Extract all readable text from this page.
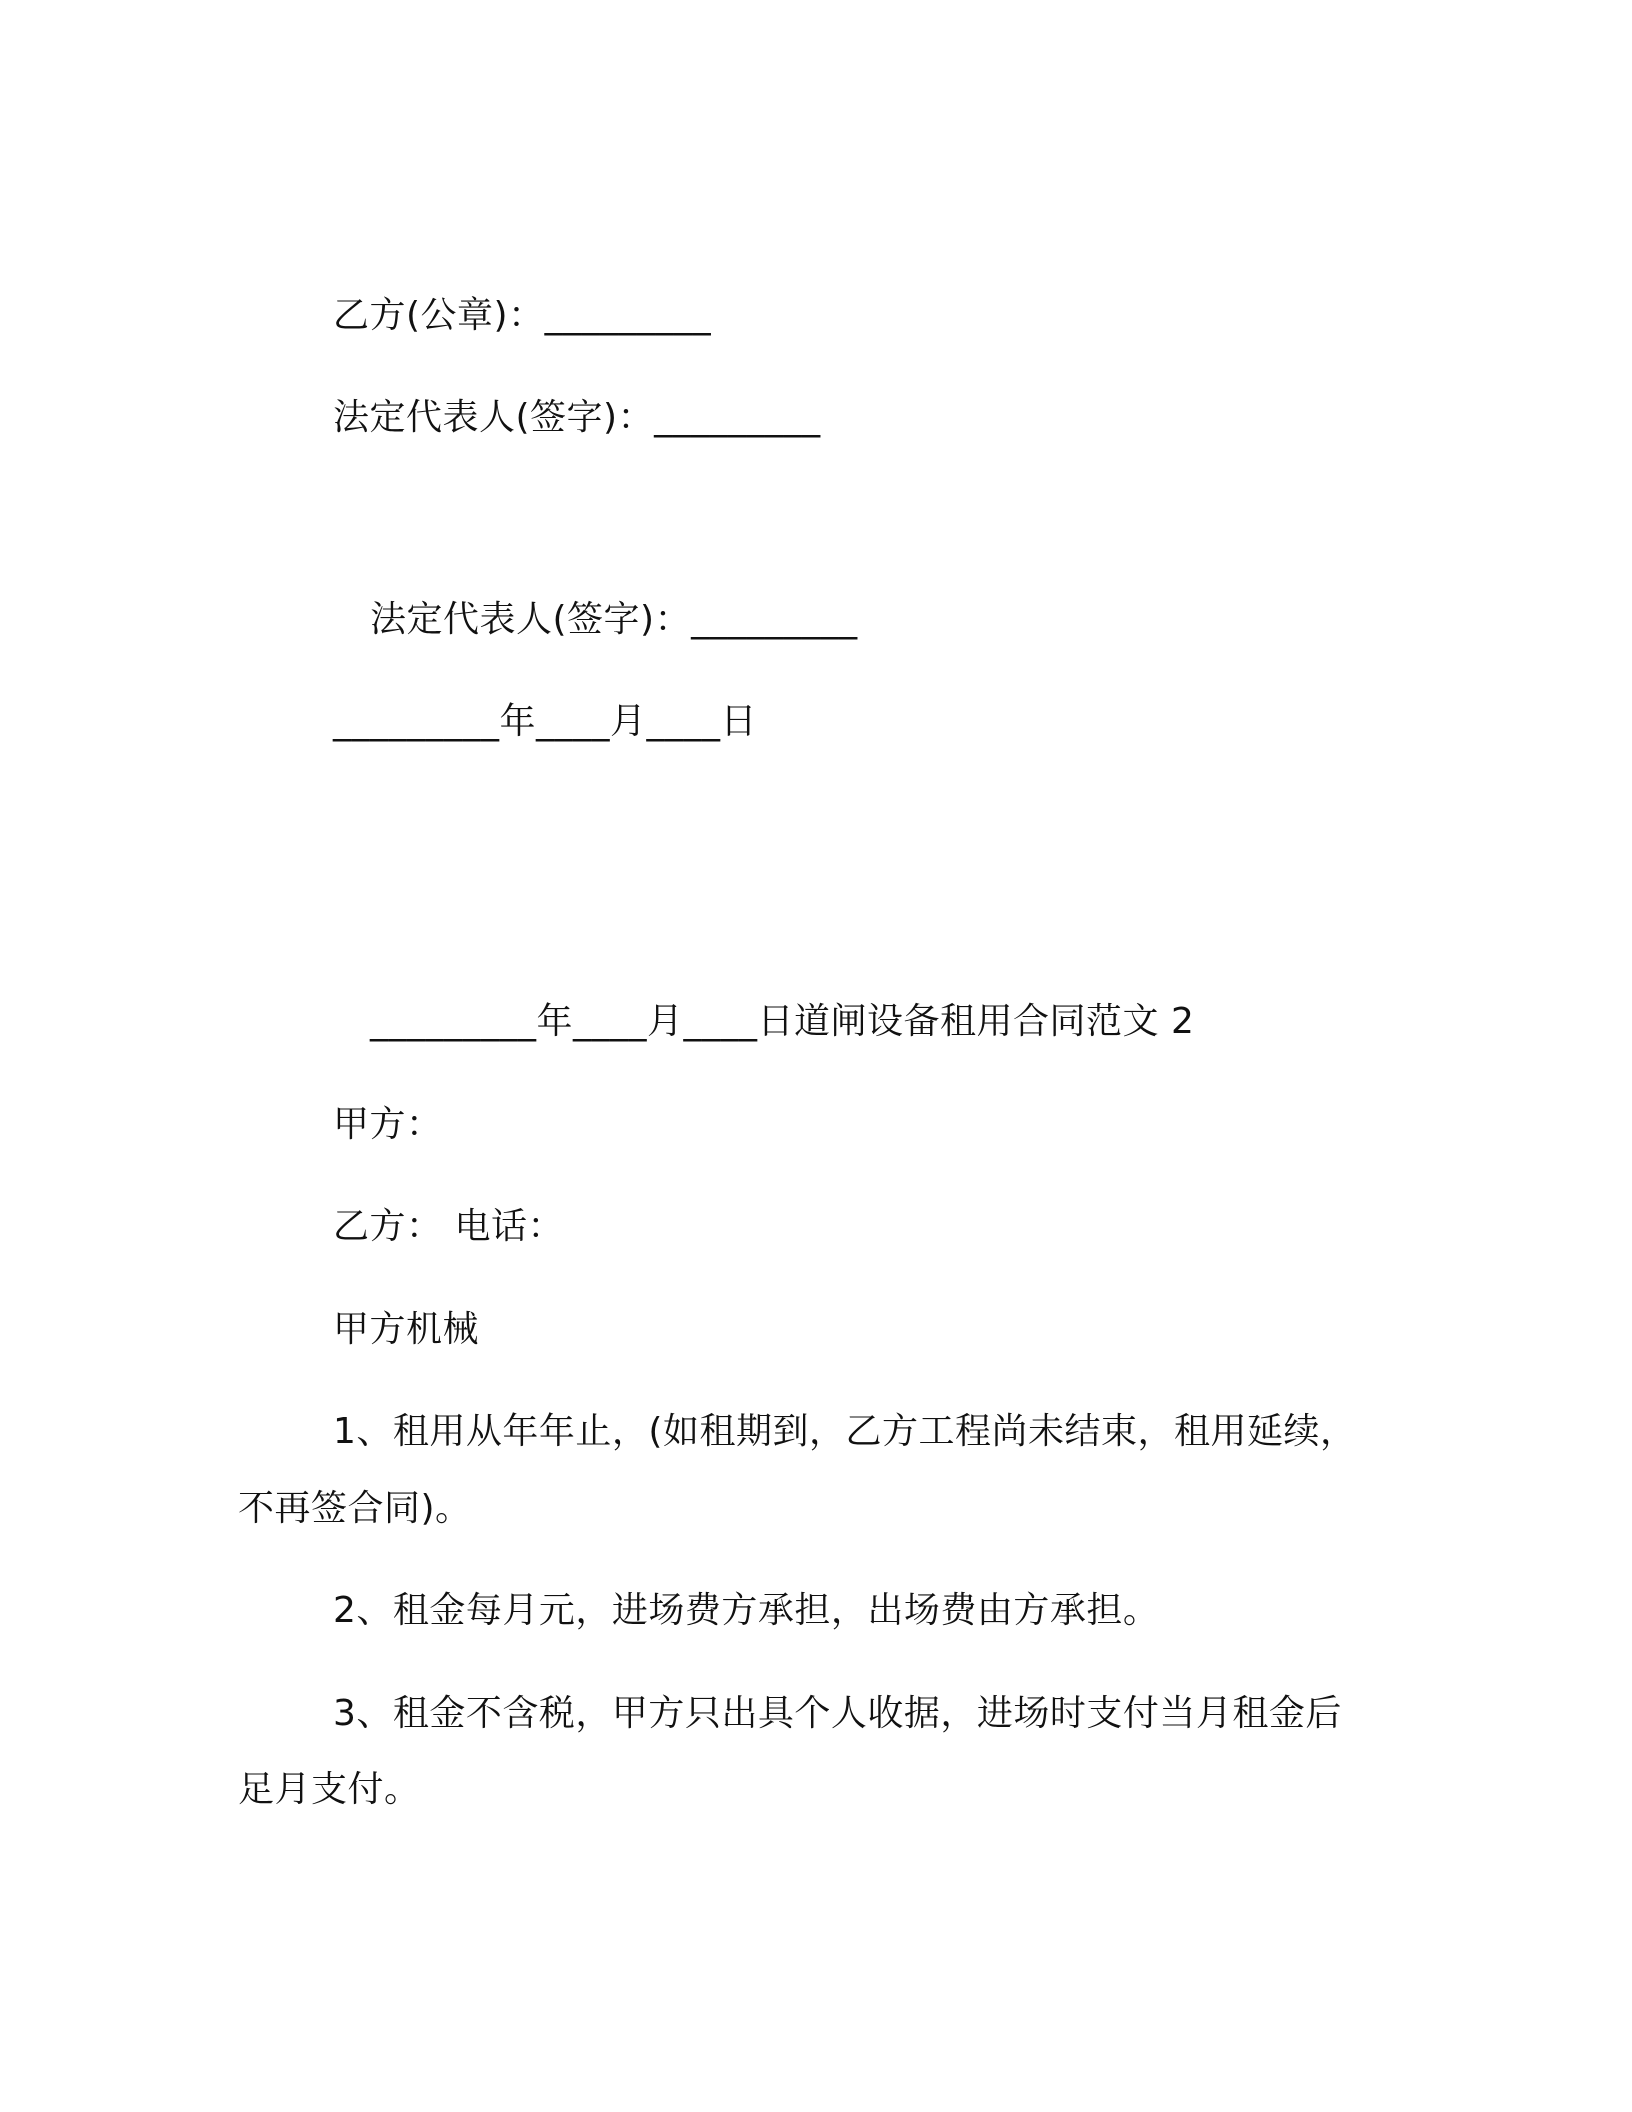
乙方(公章)：_________
法定代表人(签字)：_________
法定代表人(签字)：_________
_________年____月____日
_________年____月____日道闸设备租用合同范文 2
甲方：
乙方： 电话：
甲方机械
1、租用从年年止，(如租期到，乙方工程尚未结束，租用延续，
不再签合同)。
2、租金每月元，进场费方承担，出场费由方承担。
3、租金不含税，甲方只出具个人收据，进场时支付当月租金后
足月支付。
